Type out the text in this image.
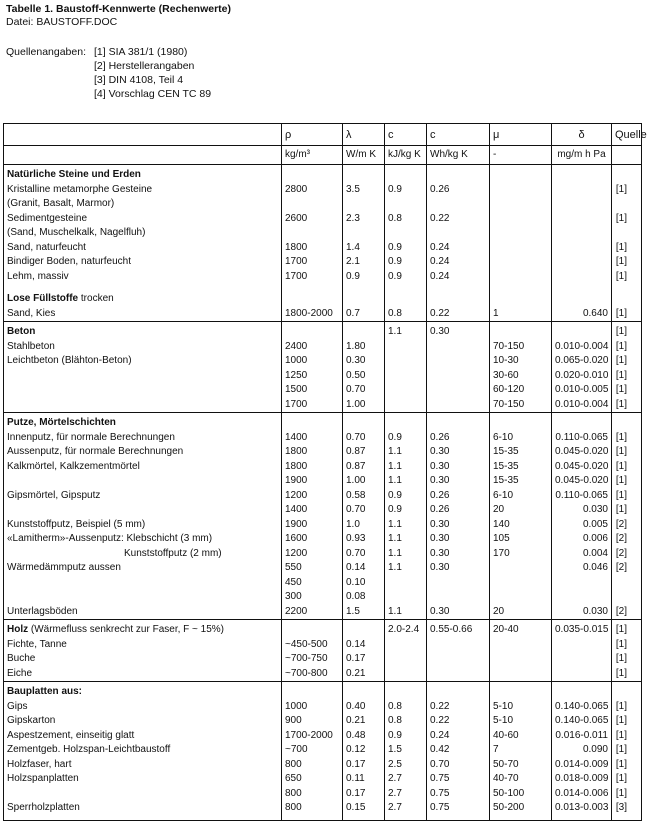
Tabelle 1. Baustoff-Kennwerte (Rechenwerte)
Datei: BAUSTOFF.DOC
Quellenangaben: [1] SIA 381/1 (1980)
[2] Herstellerangaben
[3] DIN 4108, Teil 4
[4] Vorschlag CEN TC 89
	ρ	λ	c	c	μ	δ	Quelle
	kg/m³	W/m K	kJ/kg K	Wh/kg K	-	mg/m h Pa	
Natürliche Steine und Erden							
Kristalline metamorphe Gesteine	2800	3.5	0.9	0.26			[1]
(Granit, Basalt, Marmor)							
Sedimentgesteine	2600	2.3	0.8	0.22			[1]
(Sand, Muschelkalk, Nagelfluh)							
Sand, naturfeucht	1800	1.4	0.9	0.24			[1]
Bindiger Boden, naturfeucht	1700	2.1	0.9	0.24			[1]
Lehm, massiv	1700	0.9	0.9	0.24			[1]
Lose Füllstoffe trocken							
Sand, Kies	1800-2000	0.7	0.8	0.22	1	0.640	[1]
Beton			1.1	0.30			[1]
Stahlbeton	2400	1.80			70-150	0.010-0.004	[1]
Leichtbeton (Blähton-Beton)	1000	0.30			10-30	0.065-0.020	[1]
	1250	0.50			30-60	0.020-0.010	[1]
	1500	0.70			60-120	0.010-0.005	[1]
	1700	1.00			70-150	0.010-0.004	[1]
Putze, Mörtelschichten							
Innenputz, für normale Berechnungen	1400	0.70	0.9	0.26	6-10	0.110-0.065	[1]
Aussenputz, für normale Berechnungen	1800	0.87	1.1	0.30	15-35	0.045-0.020	[1]
Kalkmörtel, Kalkzementmörtel	1800	0.87	1.1	0.30	15-35	0.045-0.020	[1]
	1900	1.00	1.1	0.30	15-35	0.045-0.020	[1]
Gipsmörtel, Gipsputz	1200	0.58	0.9	0.26	6-10	0.110-0.065	[1]
	1400	0.70	0.9	0.26	20	0.030	[1]
Kunststoffputz, Beispiel (5 mm)	1900	1.0	1.1	0.30	140	0.005	[2]
«Lamitherm»-Aussenputz: Klebschicht (3 mm)	1600	0.93	1.1	0.30	105	0.006	[2]
Kunststoffputz (2 mm)	1200	0.70	1.1	0.30	170	0.004	[2]
Wärmedämmputz aussen	550	0.14	1.1	0.30		0.046	[2]
	450	0.10					
	300	0.08					
Unterlagsböden	2200	1.5	1.1	0.30	20	0.030	[2]
Holz (Wärmefluss senkrecht zur Faser, F ~ 15%)			2.0-2.4	0.55-0.66	20-40	0.035-0.015	[1]
Fichte, Tanne	~450-500	0.14					[1]
Buche	~700-750	0.17					[1]
Eiche	~700-800	0.21					[1]
Bauplatten aus:							
Gips	1000	0.40	0.8	0.22	5-10	0.140-0.065	[1]
Gipskarton	900	0.21	0.8	0.22	5-10	0.140-0.065	[1]
Aspestzement, einseitig glatt	1700-2000	0.48	0.9	0.24	40-60	0.016-0.011	[1]
Zementgeb. Holzspan-Leichtbaustoff	~700	0.12	1.5	0.42	7	0.090	[1]
Holzfaser, hart	800	0.17	2.5	0.70	50-70	0.014-0.009	[1]
Holzspanplatten	650	0.11	2.7	0.75	40-70	0.018-0.009	[1]
	800	0.17	2.7	0.75	50-100	0.014-0.006	[1]
Sperrholzplatten	800	0.15	2.7	0.75	50-200	0.013-0.003	[3]
